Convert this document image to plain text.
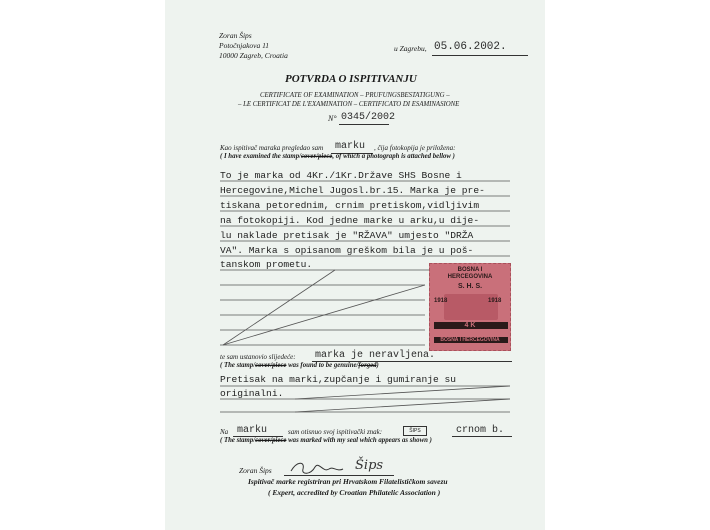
Zoran Šips
Potočnjakova 11
10000 Zagreb, Croatia
u Zagrebu, 05.06.2002.
POTVRDA O ISPITIVANJU
CERTIFICATE OF EXAMINATION – PRUFUNGSBESTATIGUNG –
– LE CERTIFICAT DE L'EXAMINATION – CERTIFICATO DI ESAMINASIONE
N° 0345/2002
Kao ispitivač maraka pregledao sam marku , čija fotokopija je priložena:
( I have examined the stamp/cover/piece, of which a photograph is attached bellow )
To je marka od 4Kr./1Kr.Države SHS Bosne i
Hercegovine,Michel Jugosl.br.15. Marka je pre-
tiskana petorednim, crnim pretiskom,vidljivim
na fotokopiji. Kod jedne marke u arku,u dije-
lu naklade pretisak je "RŽAVA" umjesto "DRŽA
VA". Marka s opisanom greškom bila je u poš-
tanskom prometu.	BOSNA I
HERCEGOVINA
S. H. S.
1918	1918
4 K
BOSNA I HERCEGOVINA
te sam ustanovio slijedeće: marka je neravljena.
( The stamp/cover/piece was found to be genuine/forged)
Pretisak na marki,zupčanje i gumiranje su
originalni.
Na marku	sam otisnuo svoj ispitivački znak:	ŠIPS	crnom b.
( The stamp/cover/piece was marked with my seal which appears as shown )
Zoran Šips	Šips
Ispitivač marke registriran pri Hrvatskom Filatelističkom savezu
( Expert, accredited by Croatian Philatelic Association )
